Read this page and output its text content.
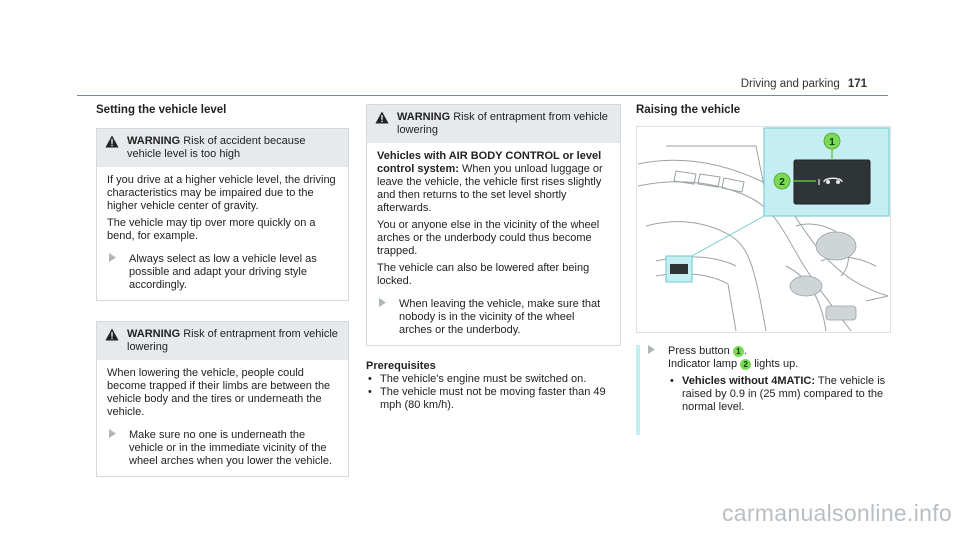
Driving and parking 171
Setting the vehicle level
WARNING Risk of accident because vehicle level is too high

If you drive at a higher vehicle level, the driving characteristics may be impaired due to the higher vehicle center of gravity.

The vehicle may tip over more quickly on a bend, for example.

Always select as low a vehicle level as possible and adapt your driving style accordingly.
WARNING Risk of entrapment from vehicle lowering

When lowering the vehicle, people could become trapped if their limbs are between the vehicle body and the tires or underneath the vehicle.

Make sure no one is underneath the vehicle or in the immediate vicinity of the wheel arches when you lower the vehicle.
WARNING Risk of entrapment from vehicle lowering

Vehicles with AIR BODY CONTROL or level control system: When you unload luggage or leave the vehicle, the vehicle first rises slightly and then returns to the set level shortly afterwards.

You or anyone else in the vicinity of the wheel arches or the underbody could thus become trapped.

The vehicle can also be lowered after being locked.

When leaving the vehicle, make sure that nobody is in the vicinity of the wheel arches or the underbody.
Prerequisites
• The vehicle's engine must be switched on.
• The vehicle must not be moving faster than 49 mph (80 km/h).
Raising the vehicle
1
2
Press button 1 .
Indicator lamp 2 lights up.
• Vehicles without 4MATIC: The vehicle is raised by 0.9 in (25 mm) compared to the normal level.
carmanualsonline.info
